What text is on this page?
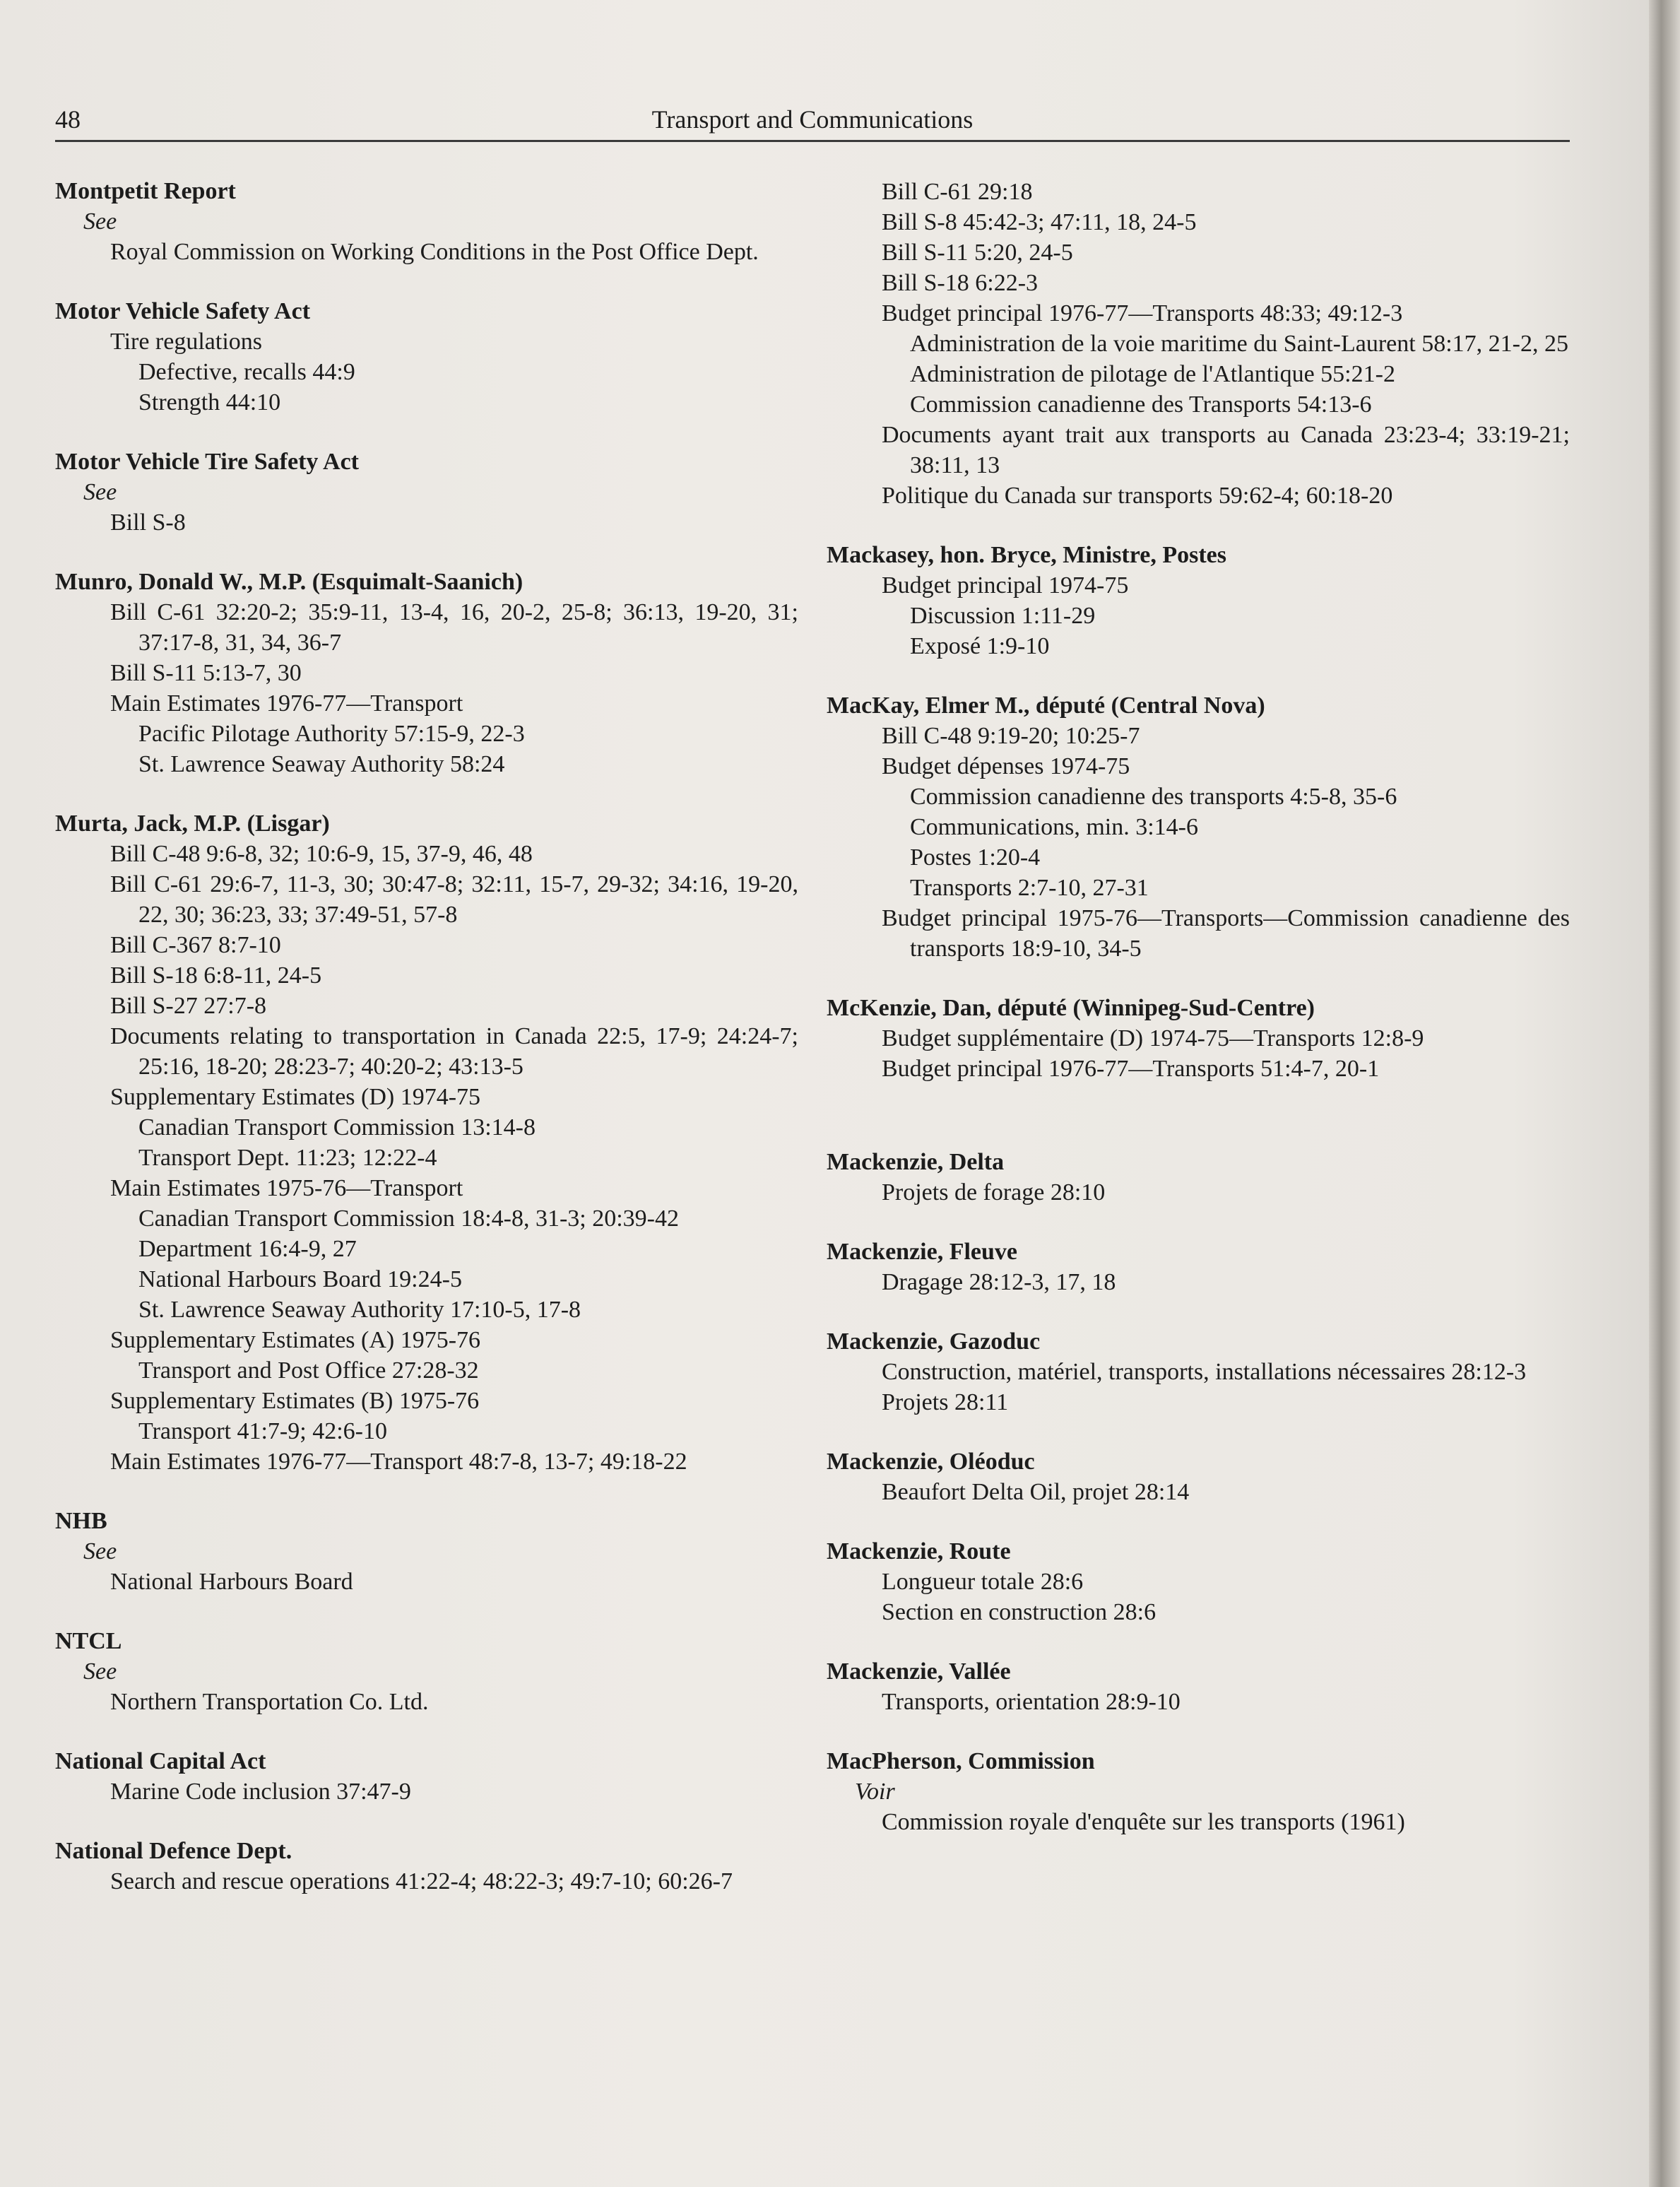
48	Transport and Communications
Montpetit Report
See
Royal Commission on Working Conditions in the Post Office Dept.
Motor Vehicle Safety Act
Tire regulations
Defective, recalls 44:9
Strength 44:10
Motor Vehicle Tire Safety Act
See
Bill S-8
Munro, Donald W., M.P. (Esquimalt-Saanich)
Bill C-61 32:20-2; 35:9-11, 13-4, 16, 20-2, 25-8; 36:13, 19-20, 31; 37:17-8, 31, 34, 36-7
Bill S-11 5:13-7, 30
Main Estimates 1976-77—Transport
Pacific Pilotage Authority 57:15-9, 22-3
St. Lawrence Seaway Authority 58:24
Murta, Jack, M.P. (Lisgar)
Bill C-48 9:6-8, 32; 10:6-9, 15, 37-9, 46, 48
Bill C-61 29:6-7, 11-3, 30; 30:47-8; 32:11, 15-7, 29-32; 34:16, 19-20, 22, 30; 36:23, 33; 37:49-51, 57-8
Bill C-367 8:7-10
Bill S-18 6:8-11, 24-5
Bill S-27 27:7-8
Documents relating to transportation in Canada 22:5, 17-9; 24:24-7; 25:16, 18-20; 28:23-7; 40:20-2; 43:13-5
Supplementary Estimates (D) 1974-75
Canadian Transport Commission 13:14-8
Transport Dept. 11:23; 12:22-4
Main Estimates 1975-76—Transport
Canadian Transport Commission 18:4-8, 31-3; 20:39-42
Department 16:4-9, 27
National Harbours Board 19:24-5
St. Lawrence Seaway Authority 17:10-5, 17-8
Supplementary Estimates (A) 1975-76
Transport and Post Office 27:28-32
Supplementary Estimates (B) 1975-76
Transport 41:7-9; 42:6-10
Main Estimates 1976-77—Transport 48:7-8, 13-7; 49:18-22
NHB
See
National Harbours Board
NTCL
See
Northern Transportation Co. Ltd.
National Capital Act
Marine Code inclusion 37:47-9
National Defence Dept.
Search and rescue operations 41:22-4; 48:22-3; 49:7-10; 60:26-7
Bill C-61 29:18
Bill S-8 45:42-3; 47:11, 18, 24-5
Bill S-11 5:20, 24-5
Bill S-18 6:22-3
Budget principal 1976-77—Transports 48:33; 49:12-3
Administration de la voie maritime du Saint-Laurent 58:17, 21-2, 25
Administration de pilotage de l'Atlantique 55:21-2
Commission canadienne des Transports 54:13-6
Documents ayant trait aux transports au Canada 23:23-4; 33:19-21; 38:11, 13
Politique du Canada sur transports 59:62-4; 60:18-20
Mackasey, hon. Bryce, Ministre, Postes
Budget principal 1974-75
Discussion 1:11-29
Exposé 1:9-10
MacKay, Elmer M., député (Central Nova)
Bill C-48 9:19-20; 10:25-7
Budget dépenses 1974-75
Commission canadienne des transports 4:5-8, 35-6
Communications, min. 3:14-6
Postes 1:20-4
Transports 2:7-10, 27-31
Budget principal 1975-76—Transports—Commission canadienne des transports 18:9-10, 34-5
McKenzie, Dan, député (Winnipeg-Sud-Centre)
Budget supplémentaire (D) 1974-75—Transports 12:8-9
Budget principal 1976-77—Transports 51:4-7, 20-1
Mackenzie, Delta
Projets de forage 28:10
Mackenzie, Fleuve
Dragage 28:12-3, 17, 18
Mackenzie, Gazoduc
Construction, matériel, transports, installations nécessaires 28:12-3
Projets 28:11
Mackenzie, Oléoduc
Beaufort Delta Oil, projet 28:14
Mackenzie, Route
Longueur totale 28:6
Section en construction 28:6
Mackenzie, Vallée
Transports, orientation 28:9-10
MacPherson, Commission
Voir
Commission royale d'enquête sur les transports (1961)
